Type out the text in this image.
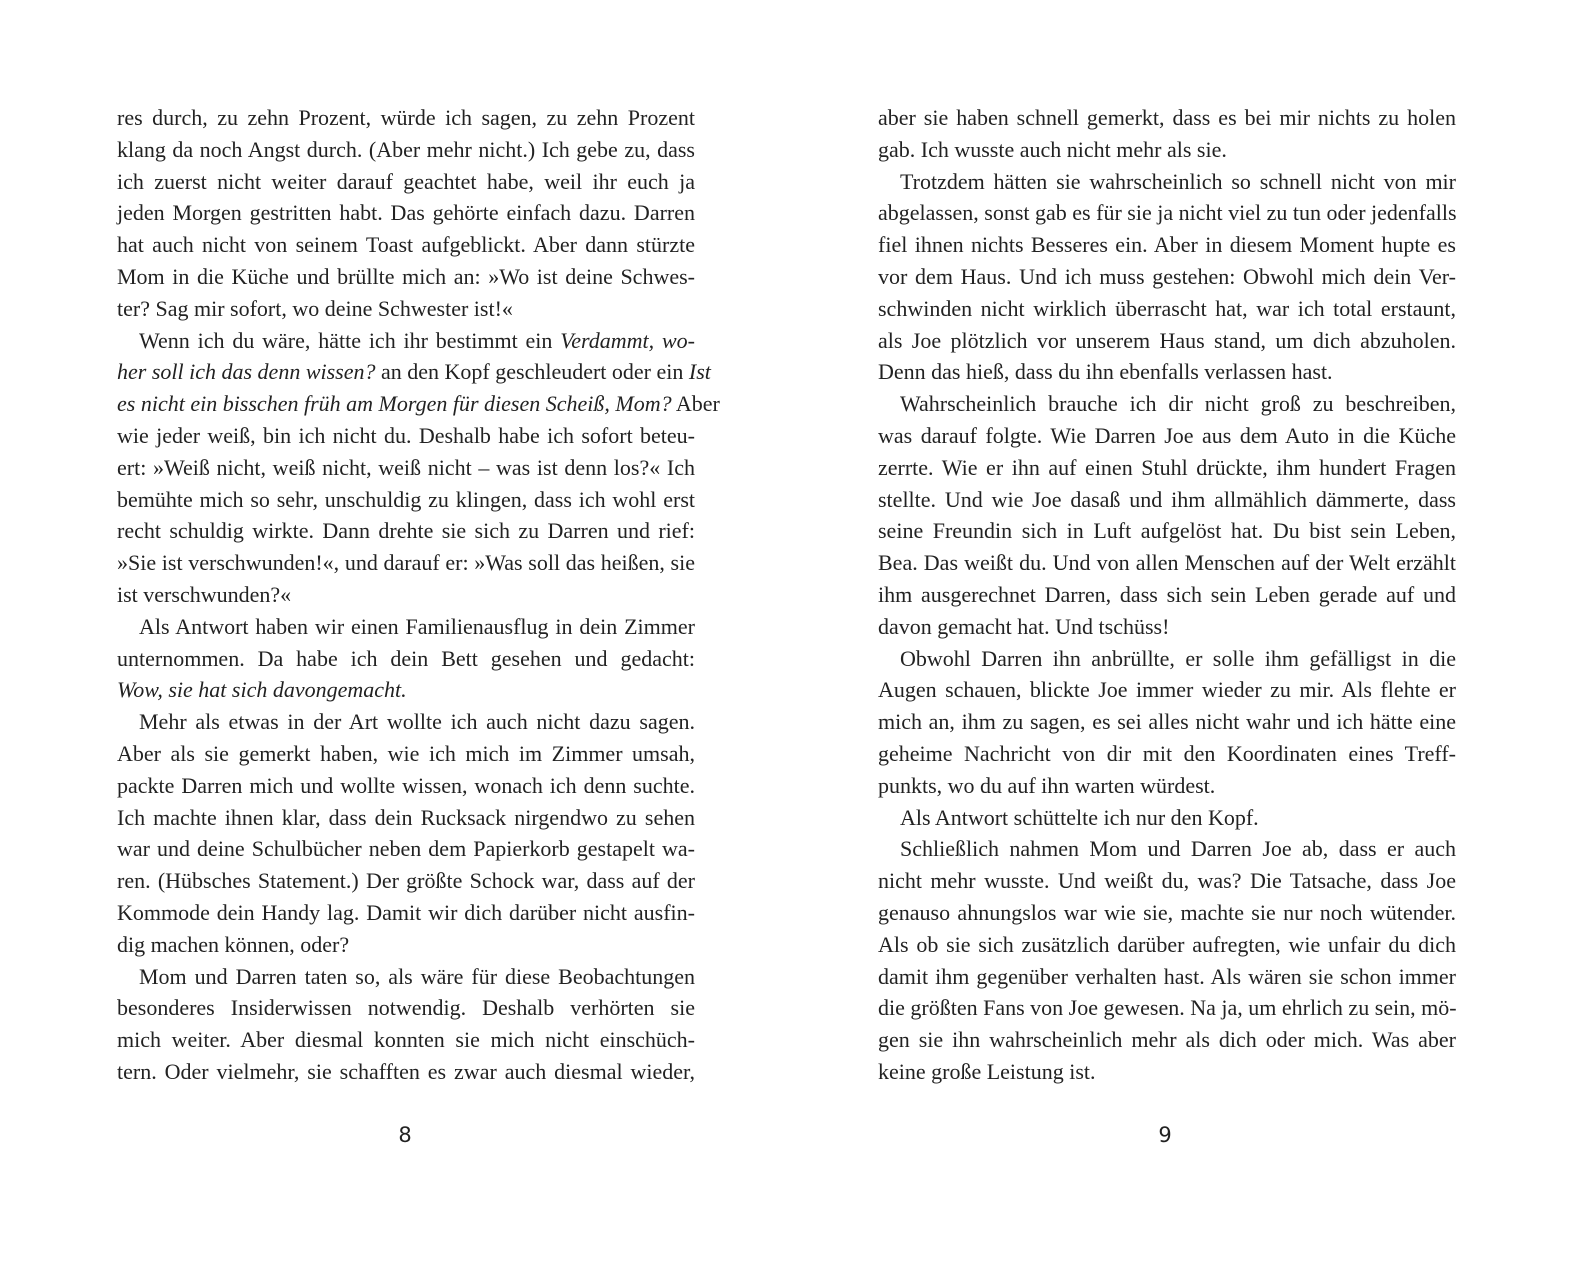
res durch, zu zehn Prozent, würde ich sagen, zu zehn Prozent
klang da noch Angst durch. (Aber mehr nicht.) Ich gebe zu, dass
ich zuerst nicht weiter darauf geachtet habe, weil ihr euch ja
jeden Morgen gestritten habt. Das gehörte einfach dazu. Darren
hat auch nicht von seinem Toast aufgeblickt. Aber dann stürzte
Mom in die Küche und brüllte mich an: »Wo ist deine Schwes-
ter? Sag mir sofort, wo deine Schwester ist!«
Wenn ich du wäre, hätte ich ihr bestimmt ein Verdammt, wo-
her soll ich das denn wissen? an den Kopf geschleudert oder ein Ist
es nicht ein bisschen früh am Morgen für diesen Scheiß, Mom? Aber
wie jeder weiß, bin ich nicht du. Deshalb habe ich sofort beteu-
ert: »Weiß nicht, weiß nicht, weiß nicht – was ist denn los?« Ich
bemühte mich so sehr, unschuldig zu klingen, dass ich wohl erst
recht schuldig wirkte. Dann drehte sie sich zu Darren und rief:
»Sie ist verschwunden!«, und darauf er: »Was soll das heißen, sie
ist verschwunden?«
Als Antwort haben wir einen Familienausflug in dein Zimmer
unternommen. Da habe ich dein Bett gesehen und gedacht:
Wow, sie hat sich davongemacht.
Mehr als etwas in der Art wollte ich auch nicht dazu sagen.
Aber als sie gemerkt haben, wie ich mich im Zimmer umsah,
packte Darren mich und wollte wissen, wonach ich denn suchte.
Ich machte ihnen klar, dass dein Rucksack nirgendwo zu sehen
war und deine Schulbücher neben dem Papierkorb gestapelt wa-
ren. (Hübsches Statement.) Der größte Schock war, dass auf der
Kommode dein Handy lag. Damit wir dich darüber nicht ausfin-
dig machen können, oder?
Mom und Darren taten so, als wäre für diese Beobachtungen
besonderes Insiderwissen notwendig. Deshalb verhörten sie
mich weiter. Aber diesmal konnten sie mich nicht einschüch-
tern. Oder vielmehr, sie schafften es zwar auch diesmal wieder,
aber sie haben schnell gemerkt, dass es bei mir nichts zu holen
gab. Ich wusste auch nicht mehr als sie.
Trotzdem hätten sie wahrscheinlich so schnell nicht von mir
abgelassen, sonst gab es für sie ja nicht viel zu tun oder jedenfalls
fiel ihnen nichts Besseres ein. Aber in diesem Moment hupte es
vor dem Haus. Und ich muss gestehen: Obwohl mich dein Ver-
schwinden nicht wirklich überrascht hat, war ich total erstaunt,
als Joe plötzlich vor unserem Haus stand, um dich abzuholen.
Denn das hieß, dass du ihn ebenfalls verlassen hast.
Wahrscheinlich brauche ich dir nicht groß zu beschreiben,
was darauf folgte. Wie Darren Joe aus dem Auto in die Küche
zerrte. Wie er ihn auf einen Stuhl drückte, ihm hundert Fragen
stellte. Und wie Joe dasaß und ihm allmählich dämmerte, dass
seine Freundin sich in Luft aufgelöst hat. Du bist sein Leben,
Bea. Das weißt du. Und von allen Menschen auf der Welt erzählt
ihm ausgerechnet Darren, dass sich sein Leben gerade auf und
davon gemacht hat. Und tschüss!
Obwohl Darren ihn anbrüllte, er solle ihm gefälligst in die
Augen schauen, blickte Joe immer wieder zu mir. Als flehte er
mich an, ihm zu sagen, es sei alles nicht wahr und ich hätte eine
geheime Nachricht von dir mit den Koordinaten eines Treff-
punkts, wo du auf ihn warten würdest.
Als Antwort schüttelte ich nur den Kopf.
Schließlich nahmen Mom und Darren Joe ab, dass er auch
nicht mehr wusste. Und weißt du, was? Die Tatsache, dass Joe
genauso ahnungslos war wie sie, machte sie nur noch wütender.
Als ob sie sich zusätzlich darüber aufregten, wie unfair du dich
damit ihm gegenüber verhalten hast. Als wären sie schon immer
die größten Fans von Joe gewesen. Na ja, um ehrlich zu sein, mö-
gen sie ihn wahrscheinlich mehr als dich oder mich. Was aber
keine große Leistung ist.
8	9
